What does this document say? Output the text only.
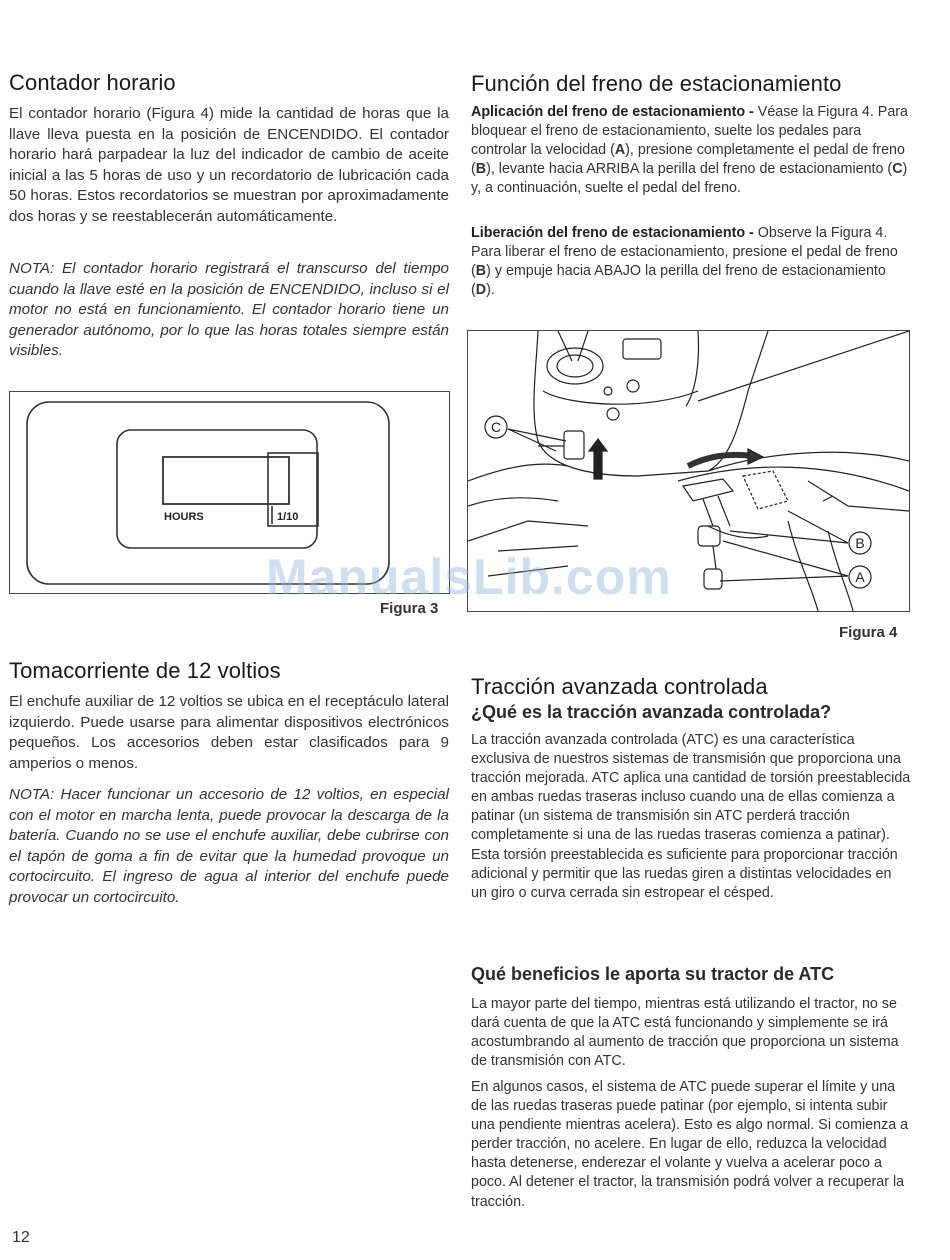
Contador horario

El contador horario (Figura 4) mide la cantidad de horas que la llave lleva puesta en la posición de ENCENDIDO. El contador horario hará parpadear la luz del indicador de cambio de aceite inicial a las 5 horas de uso y un recordatorio de lubricación cada 50 horas. Estos recordatorios se muestran por aproximadamente dos horas y se reestablecerán automáticamente.

NOTA: El contador horario registrará el transcurso del tiempo cuando la llave esté en la posición de ENCENDIDO, incluso si el motor no está en funcionamiento. El contador horario tiene un generador autónomo, por lo que las horas totales siempre están visibles.

HOURS	1/10
Figura 3
Tomacorriente de 12 voltios

El enchufe auxiliar de 12 voltios se ubica en el receptáculo lateral izquierdo. Puede usarse para alimentar dispositivos electrónicos pequeños. Los accesorios deben estar clasificados para 9 amperios o menos.

NOTA: Hacer funcionar un accesorio de 12 voltios, en especial con el motor en marcha lenta, puede provocar la descarga de la batería. Cuando no se use el enchufe auxiliar, debe cubrirse con el tapón de goma a fin de evitar que la humedad provoque un cortocircuito. El ingreso de agua al interior del enchufe puede provocar un cortocircuito.

Función del freno de estacionamiento

Aplicación del freno de estacionamiento - Véase la Figura 4. Para bloquear el freno de estacionamiento, suelte los pedales para controlar la velocidad (A), presione completamente el pedal de freno (B), levante hacia ARRIBA la perilla del freno de estacionamiento (C) y, a continuación, suelte el pedal del freno.

Liberación del freno de estacionamiento - Observe la Figura 4. Para liberar el freno de estacionamiento, presione el pedal de freno (B) y empuje hacia ABAJO la perilla del freno de estacionamiento (D).

C
B
A
Figura 4
Tracción avanzada controlada
¿Qué es la tracción avanzada controlada?

La tracción avanzada controlada (ATC) es una característica exclusiva de nuestros sistemas de transmisión que proporciona una tracción mejorada. ATC aplica una cantidad de torsión preestablecida en ambas ruedas traseras incluso cuando una de ellas comienza a patinar (un sistema de transmisión sin ATC perderá tracción completamente si una de las ruedas traseras comienza a patinar). Esta torsión preestablecida es suficiente para proporcionar tracción adicional y permitir que las ruedas giren a distintas velocidades en un giro o curva cerrada sin estropear el césped.

Qué beneficios le aporta su tractor de ATC

La mayor parte del tiempo, mientras está utilizando el tractor, no se dará cuenta de que la ATC está funcionando y simplemente se irá acostumbrando al aumento de tracción que proporciona un sistema de transmisión con ATC.

En algunos casos, el sistema de ATC puede superar el límite y una de las ruedas traseras puede patinar (por ejemplo, si intenta subir una pendiente mientras acelera). Esto es algo normal. Si comienza a perder tracción, no acelere. En lugar de ello, reduzca la velocidad hasta detenerse, enderezar el volante y vuelva a acelerar poco a poco. Al detener el tractor, la transmisión podrá volver a recuperar la tracción.

ManualsLib.com
12
